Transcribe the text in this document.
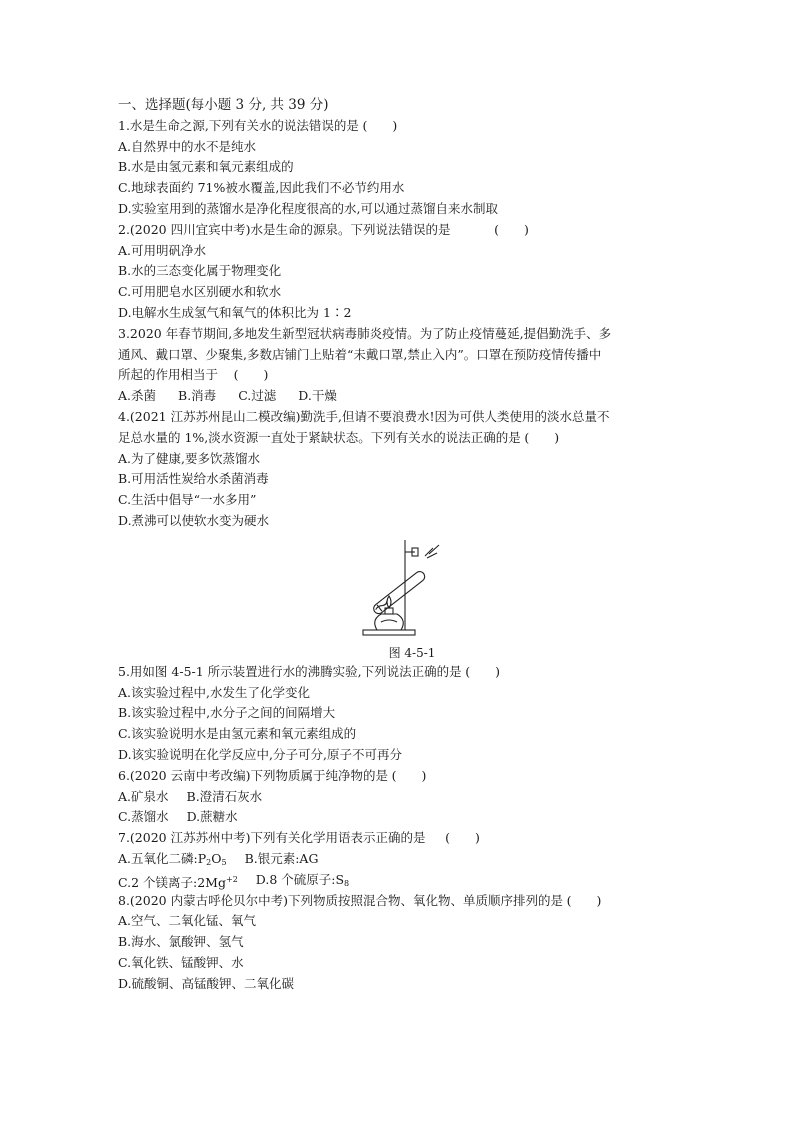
一、选择题(每小题 3 分, 共 39 分)
1.水是生命之源,下列有关水的说法错误的是 (　　)
A.自然界中的水不是纯水
B.水是由氢元素和氧元素组成的
C.地球表面约 71%被水覆盖,因此我们不必节约用水
D.实验室用到的蒸馏水是净化程度很高的水,可以通过蒸馏自来水制取
2.(2020 四川宜宾中考)水是生命的源泉。下列说法错误的是	(　　)
A.可用明矾净水
B.水的三态变化属于物理变化
C.可用肥皂水区别硬水和软水
D.电解水生成氢气和氧气的体积比为 1∶2
3.2020 年春节期间,多地发生新型冠状病毒肺炎疫情。为了防止疫情蔓延,提倡勤洗手、多
通风、戴口罩、少聚集,多数店铺门上贴着“未戴口罩,禁止入内”。口罩在预防疫情传播中
所起的作用相当于 (　　)
A.杀菌 B.消毒 C.过滤 D.干燥
4.(2021 江苏苏州昆山二模改编)勤洗手,但请不要浪费水!因为可供人类使用的淡水总量不
足总水量的 1%,淡水资源一直处于紧缺状态。下列有关水的说法正确的是 (　　)
A.为了健康,要多饮蒸馏水
B.可用活性炭给水杀菌消毒
C.生活中倡导“一水多用”
D.煮沸可以使软水变为硬水
图 4-5-1
5.用如图 4-5-1 所示装置进行水的沸腾实验,下列说法正确的是 (　　)
A.该实验过程中,水发生了化学变化
B.该实验过程中,水分子之间的间隔增大
C.该实验说明水是由氢元素和氧元素组成的
D.该实验说明在化学反应中,分子可分,原子不可再分
6.(2020 云南中考改编)下列物质属于纯净物的是 (　　)
A.矿泉水 B.澄清石灰水
C.蒸馏水 D.蔗糖水
7.(2020 江苏苏州中考)下列有关化学用语表示正确的是 (　　)
A.五氧化二磷$:P_2O_5$ B.银元素:AG
C.2 个镁离子$:2Mg^{+2}$ D.8 个硫原子$:S_8$
8.(2020 内蒙古呼伦贝尔中考)下列物质按照混合物、氧化物、单质顺序排列的是 (　　)
A.空气、二氧化锰、氧气
B.海水、氯酸钾、氢气
C.氧化铁、锰酸钾、水
D.硫酸铜、高锰酸钾、二氧化碳
